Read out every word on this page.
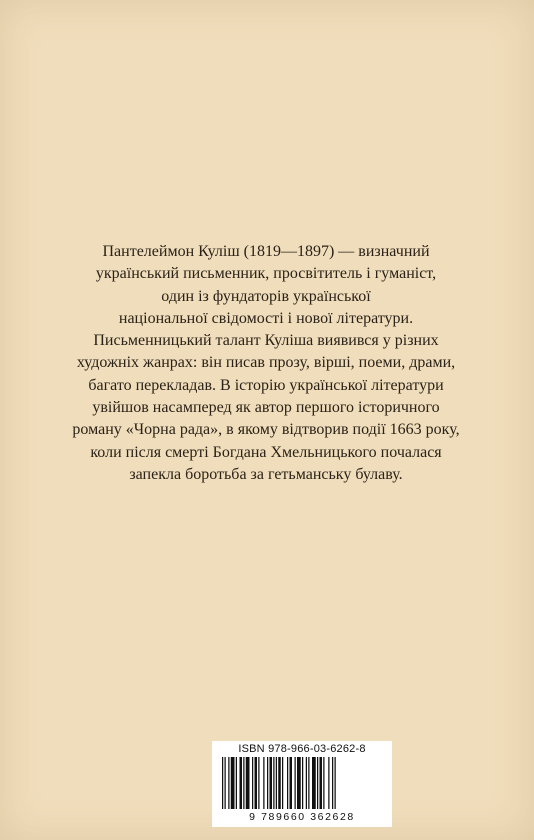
Пантелеймон Куліш (1819—1897) — визначний
український письменник, просвітитель і гуманіст,
один із фундаторів української
національної свідомості і нової літератури.
Письменницький талант Куліша виявився у різних
художніх жанрах: він писав прозу, вірші, поеми, драми,
багато перекладав. В історію української літератури
увійшов насамперед як автор першого історичного
роману «Чорна рада», в якому відтворив події 1663 року,
коли після смерті Богдана Хмельницького почалася
запекла боротьба за гетьманську булаву.
ISBN 978-966-03-6262-8
9 789660 362628
